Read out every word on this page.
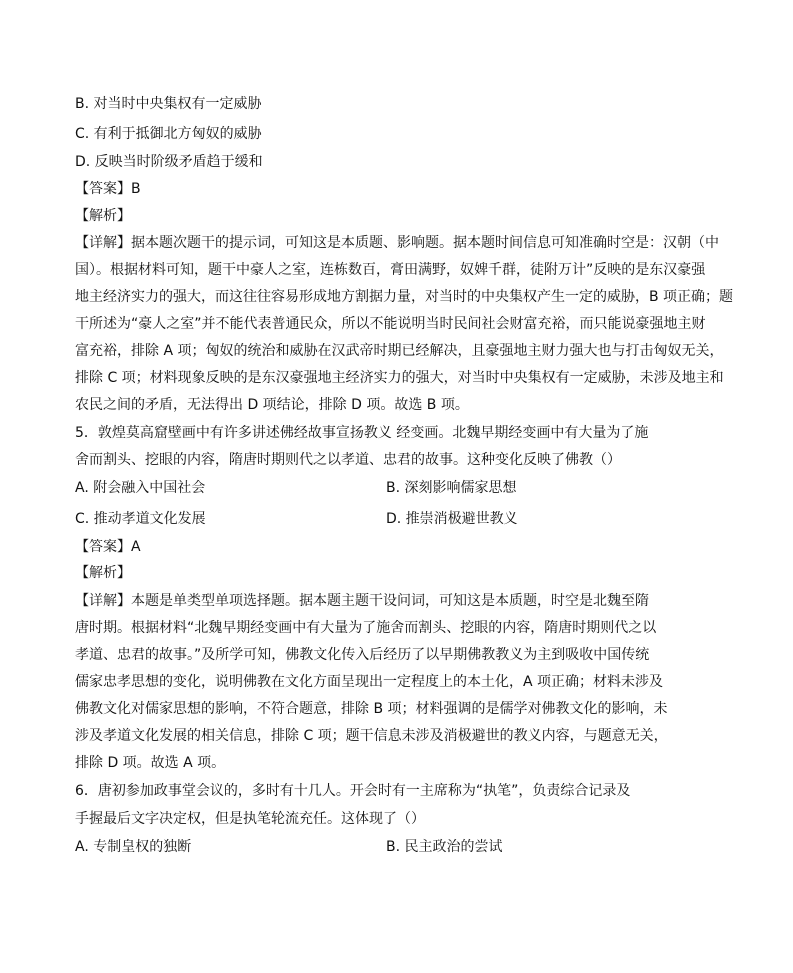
B. 对当时中央集权有一定威胁
C. 有利于抵御北方匈奴的威胁
D. 反映当时阶级矛盾趋于缓和
【答案】B
【解析】
【详解】据本题次题干的提示词，可知这是本质题、影响题。据本题时间信息可知准确时空是：汉朝（中
国）。根据材料可知，题干中豪人之室，连栋数百，膏田满野，奴婢千群，徒附万计”反映的是东汉豪强
地主经济实力的强大，而这往往容易形成地方割据力量，对当时的中央集权产生一定的威胁，B 项正确；题
干所述为“豪人之室”并不能代表普通民众，所以不能说明当时民间社会财富充裕，而只能说豪强地主财
富充裕，排除 A 项；匈奴的统治和威胁在汉武帝时期已经解决，且豪强地主财力强大也与打击匈奴无关，
排除 C 项；材料现象反映的是东汉豪强地主经济实力的强大，对当时中央集权有一定威胁，未涉及地主和
农民之间的矛盾，无法得出 D 项结论，排除 D 项。故选 B 项。
5．敦煌莫高窟壁画中有许多讲述佛经故事宣扬教义 经变画。北魏早期经变画中有大量为了施
舍而割头、挖眼的内容，隋唐时期则代之以孝道、忠君的故事。这种变化反映了佛教（）
A. 附会融入中国社会	B. 深刻影响儒家思想
C. 推动孝道文化发展	D. 推崇消极避世教义
【答案】A
【解析】
【详解】本题是单类型单项选择题。据本题主题干设问词，可知这是本质题，时空是北魏至隋
唐时期。根据材料“北魏早期经变画中有大量为了施舍而割头、挖眼的内容，隋唐时期则代之以
孝道、忠君的故事。”及所学可知，佛教文化传入后经历了以早期佛教教义为主到吸收中国传统
儒家忠孝思想的变化，说明佛教在文化方面呈现出一定程度上的本土化，A 项正确；材料未涉及
佛教文化对儒家思想的影响，不符合题意，排除 B 项；材料强调的是儒学对佛教文化的影响，未
涉及孝道文化发展的相关信息，排除 C 项；题干信息未涉及消极避世的教义内容，与题意无关，
排除 D 项。故选 A 项。
6．唐初参加政事堂会议的，多时有十几人。开会时有一主席称为“执笔”，负责综合记录及
手握最后文字决定权，但是执笔轮流充任。这体现了（）
A. 专制皇权的独断	B. 民主政治的尝试
